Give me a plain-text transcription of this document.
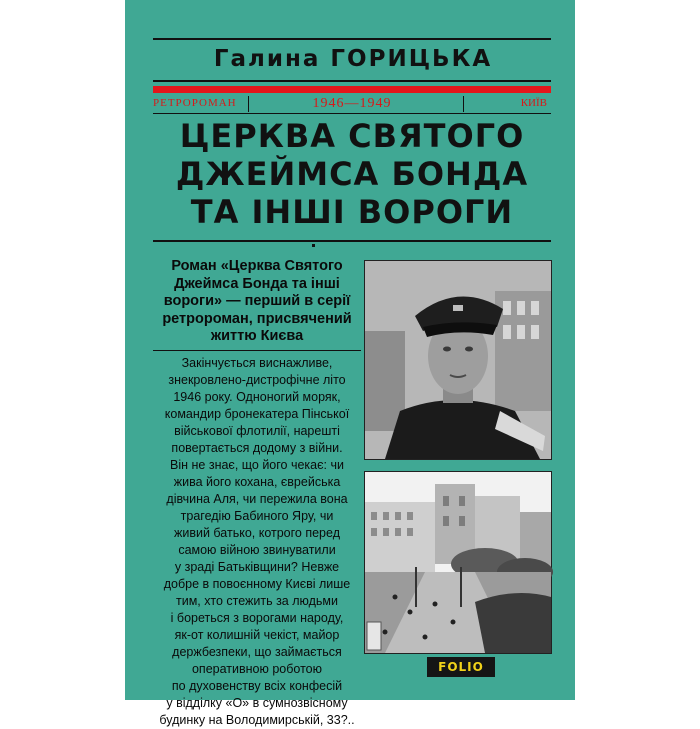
Галина ГОРИЦЬКА
РЕТРОРОМАН	1946—1949	КИЇВ
ЦЕРКВА СВЯТОГО
ДЖЕЙМСА БОНДА
ТА ІНШІ ВОРОГИ
Роман «Церква Святого
Джеймса Бонда та інші
вороги» — перший в серії
ретророман, присвячений
життю Києва
Закінчується виснажливе,
знекровлено-дистрофічне літо
1946 року. Одноногий моряк,
командир бронекатера Пінської
військової флотилії, нарешті
повертається додому з війни.
Він не знає, що його чекає: чи
жива його кохана, єврейська
дівчина Аля, чи пережила вона
трагедію Бабиного Яру, чи
живий батько, котрого перед
самою війною звинуватили
у зраді Батьківщини? Невже
добре в повоєнному Києві лише
тим, хто стежить за людьми
і бореться з ворогами народу,
як-от колишній чекіст, майор
держбезпеки, що займається
оперативною роботою
по духовенству всіх конфесій
у відділку «О» в сумнозвісному
будинку на Володимирській, 33?..
FOLIO
